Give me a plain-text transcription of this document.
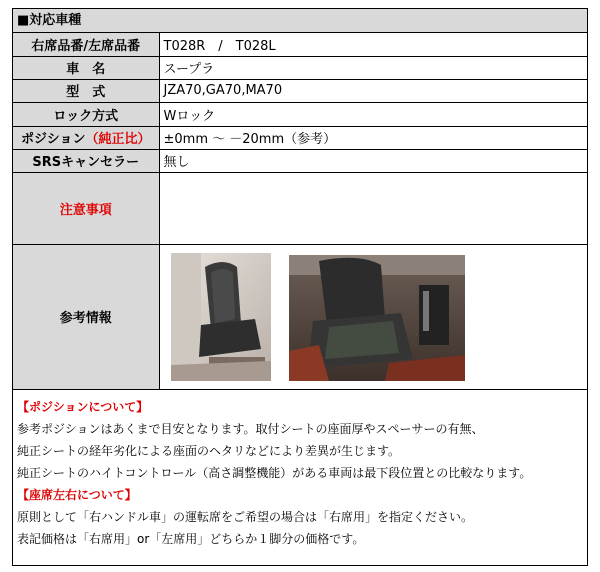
■対応車種
右席品番/左席品番	T028R　/　T028L
車　名	スープラ
型　式	JZA70,GA70,MA70
ロック方式	Wロック
ポジション（純正比）	±0mm 〜 －20mm（参考）
SRSキャンセラー	無し
注意事項	
参考情報	
【ポジションについて】
参考ポジションはあくまで目安となります。取付シートの座面厚やスペーサーの有無、
純正シートの経年劣化による座面のヘタリなどにより差異が生じます。
純正シートのハイトコントロール（高さ調整機能）がある車両は最下段位置との比較なります。
【座席左右について】
原則として「右ハンドル車」の運転席をご希望の場合は「右席用」を指定ください。
表記価格は「右席用」or「左席用」どちらか１脚分の価格です。
